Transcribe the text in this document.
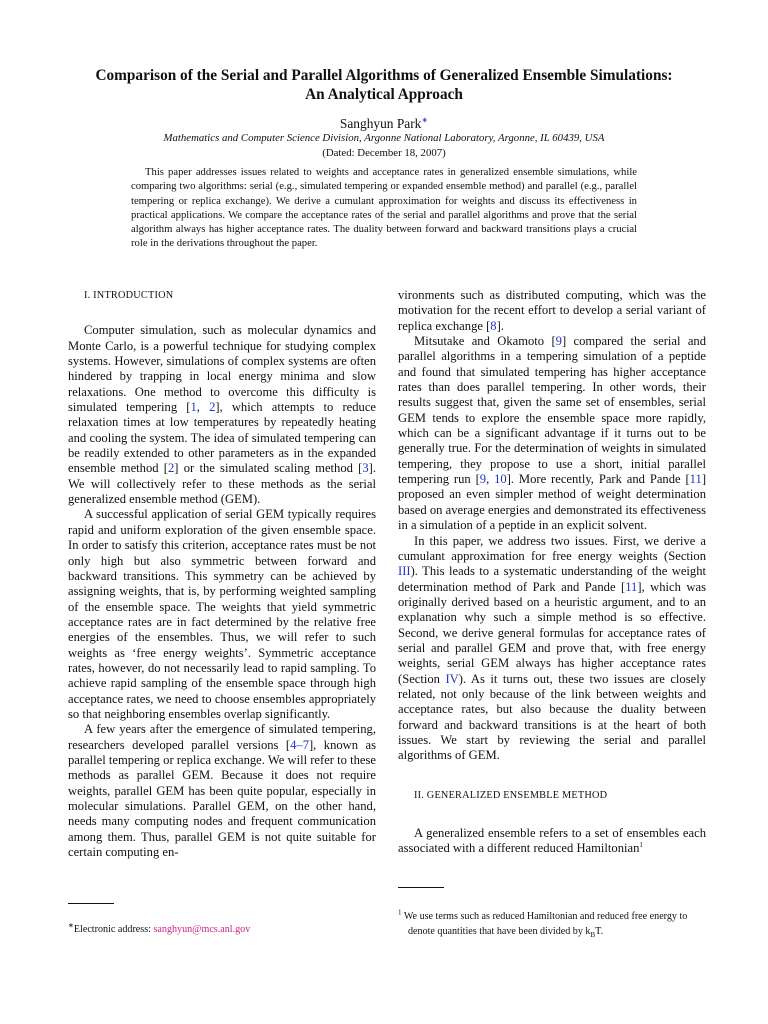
Comparison of the Serial and Parallel Algorithms of Generalized Ensemble Simulations:
An Analytical Approach
Sanghyun Park∗
Mathematics and Computer Science Division, Argonne National Laboratory, Argonne, IL 60439, USA
(Dated: December 18, 2007)
This paper addresses issues related to weights and acceptance rates in generalized ensemble simulations, while comparing two algorithms: serial (e.g., simulated tempering or expanded ensemble method) and parallel (e.g., parallel tempering or replica exchange). We derive a cumulant approximation for weights and discuss its effectiveness in practical applications. We compare the acceptance rates of the serial and parallel algorithms and prove that the serial algorithm always has higher acceptance rates. The duality between forward and backward transitions plays a crucial role in the derivations throughout the paper.

I. INTRODUCTION

Computer simulation, such as molecular dynamics and Monte Carlo, is a powerful technique for studying complex systems. However, simulations of complex systems are often hindered by trapping in local energy minima and slow relaxations. One method to overcome this difficulty is simulated tempering [1, 2], which attempts to reduce relaxation times at low temperatures by repeatedly heating and cooling the system. The idea of simulated tempering can be readily extended to other parameters as in the expanded ensemble method [2] or the simulated scaling method [3]. We will collectively refer to these methods as the serial generalized ensemble method (GEM).

A successful application of serial GEM typically requires rapid and uniform exploration of the given ensemble space. In order to satisfy this criterion, acceptance rates must be not only high but also symmetric between forward and backward transitions. This symmetry can be achieved by assigning weights, that is, by performing weighted sampling of the ensemble space. The weights that yield symmetric acceptance rates are in fact determined by the relative free energies of the ensembles. Thus, we will refer to such weights as ‘free energy weights’. Symmetric acceptance rates, however, do not necessarily lead to rapid sampling. To achieve rapid sampling of the ensemble space through high acceptance rates, we need to choose ensembles appropriately so that neighboring ensembles overlap significantly.

A few years after the emergence of simulated tempering, researchers developed parallel versions [4–7], known as parallel tempering or replica exchange. We will refer to these methods as parallel GEM. Because it does not require weights, parallel GEM has been quite popular, especially in molecular simulations. Parallel GEM, on the other hand, needs many computing nodes and frequent communication among them. Thus, parallel GEM is not quite suitable for certain computing en-

vironments such as distributed computing, which was the motivation for the recent effort to develop a serial variant of replica exchange [8].

Mitsutake and Okamoto [9] compared the serial and parallel algorithms in a tempering simulation of a peptide and found that simulated tempering has higher acceptance rates than does parallel tempering. In other words, their results suggest that, given the same set of ensembles, serial GEM tends to explore the ensemble space more rapidly, which can be a significant advantage if it turns out to be generally true. For the determination of weights in simulated tempering, they propose to use a short, initial parallel tempering run [9, 10]. More recently, Park and Pande [11] proposed an even simpler method of weight determination based on average energies and demonstrated its effectiveness in a simulation of a peptide in an explicit solvent.

In this paper, we address two issues. First, we derive a cumulant approximation for free energy weights (Section III). This leads to a systematic understanding of the weight determination method of Park and Pande [11], which was originally derived based on a heuristic argument, and to an explanation why such a simple method is so effective. Second, we derive general formulas for acceptance rates of serial and parallel GEM and prove that, with free energy weights, serial GEM always has higher acceptance rates (Section IV). As it turns out, these two issues are closely related, not only because of the link between weights and acceptance rates, but also because the duality between forward and backward transitions is at the heart of both issues. We start by reviewing the serial and parallel algorithms of GEM.

II. GENERALIZED ENSEMBLE METHOD

A generalized ensemble refers to a set of ensembles each associated with a different reduced Hamiltonian$^1$

∗Electronic address: sanghyun@mcs.anl.gov
$^1$ We use terms such as reduced Hamiltonian and reduced free energy to denote quantities that have been divided by $k_BT$.
